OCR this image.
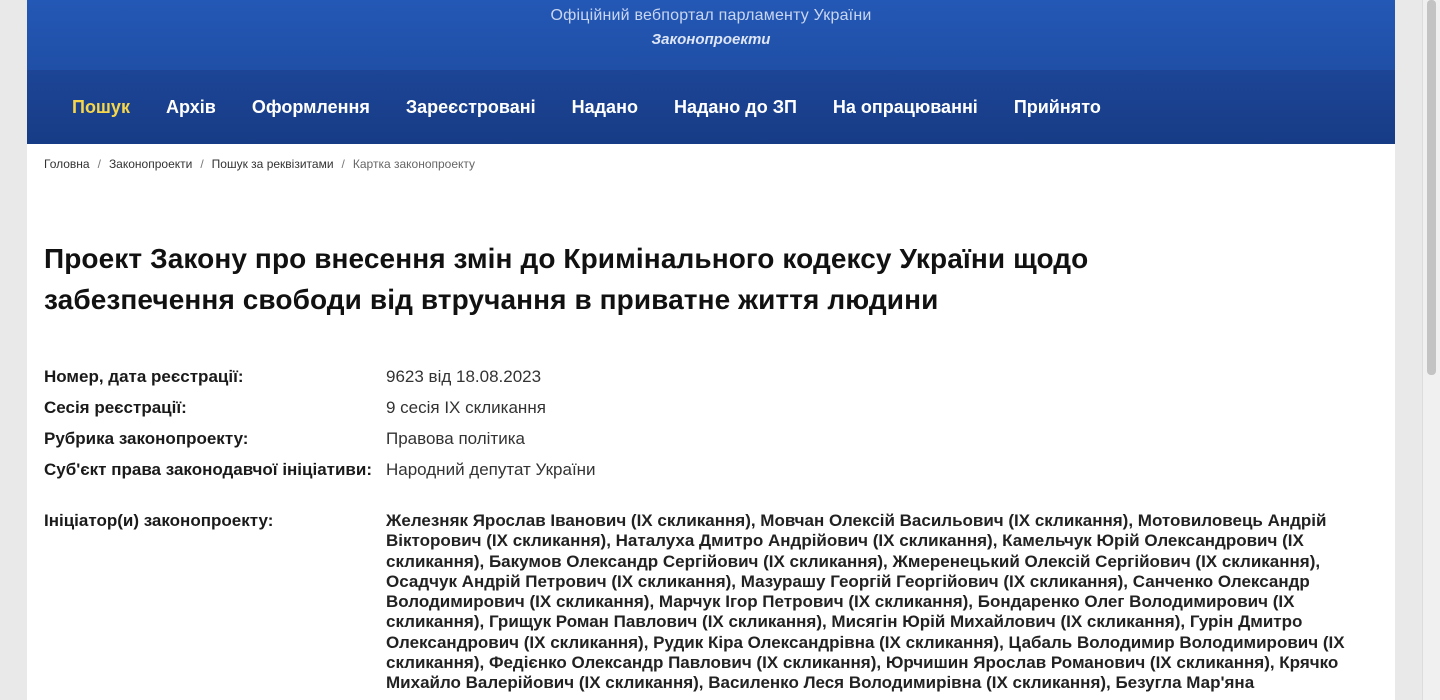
Офіційний вебпортал парламенту України
Законопроекти
Пошук Архів Оформлення Зареєстровані Надано Надано до ЗП На опрацюванні Прийнято
Головна / Законопроекти / Пошук за реквізитами / Картка законопроекту
Проект Закону про внесення змін до Кримінального кодексу України щодо забезпечення свободи від втручання в приватне життя людини
Номер, дата реєстрації:	9623 від 18.08.2023
Сесія реєстрації:	9 сесія IX скликання
Рубрика законопроекту:	Правова політика
Суб'єкт права законодавчої ініціативи: Народний депутат України
Ініціатор(и) законопроекту:	Железняк Ярослав Іванович (IX скликання), Мовчан Олексій Васильович (IX скликання), Мотовиловець Андрій Вікторович (IX скликання), Наталуха Дмитро Андрійович (IX скликання), Камельчук Юрій Олександрович (IX скликання), Бакумов Олександр Сергійович (IX скликання), Жмеренецький Олексій Сергійович (IX скликання), Осадчук Андрій Петрович (IX скликання), Мазурашу Георгій Георгійович (IX скликання), Санченко Олександр Володимирович (IX скликання), Марчук Ігор Петрович (IX скликання), Бондаренко Олег Володимирович (IX скликання), Грищук Роман Павлович (IX скликання), Мисягін Юрій Михайлович (IX скликання), Гурін Дмитро Олександрович (IX скликання), Рудик Кіра Олександрівна (IX скликання), Цабаль Володимир Володимирович (IX скликання), Федієнко Олександр Павлович (IX скликання), Юрчишин Ярослав Романович (IX скликання), Крячко Михайло Валерійович (IX скликання), Василенко Леся Володимирівна (IX скликання), Безугла Мар'яна
